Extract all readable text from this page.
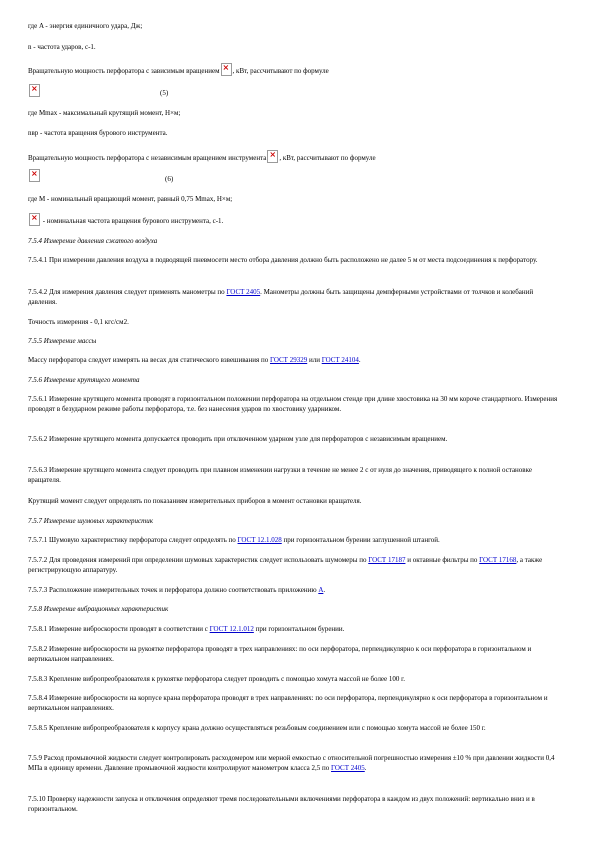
где A - энергия единичного удара, Дж;

n - частота ударов, с-1.

Вращательную мощность перфоратора с зависимым вращением × , кВт, рассчитывают по формуле

×
(5)

где Mmax - максимальный крутящий момент, Н×м;

nвр - частота вращения бурового инструмента.

Вращательную мощность перфоратора с независимым вращением инструмента × , кВт, рассчитывают по формуле

×
(6)

где M - номинальный вращающий момент, равный 0,75 Mmax, Н×м;

× - номинальная частота вращения бурового инструмента, с-1.

7.5.4 Измерение давления сжатого воздуха

7.5.4.1 При измерении давления воздуха в подводящей пневмосети место отбора давления должно быть расположено не далее 5 м от места подсоединения к перфоратору.

7.5.4.2 Для измерения давления следует применять манометры по ГОСТ 2405. Манометры должны быть защищены демпферными устройствами от толчков и колебаний давления.

Точность измерения - 0,1 кгс/см2.

7.5.5 Измерение массы

Массу перфоратора следует измерять на весах для статического взвешивания по ГОСТ 29329 или ГОСТ 24104.

7.5.6 Измерение крутящего момента

7.5.6.1 Измерение крутящего момента проводят в горизонтальном положении перфоратора на отдельном стенде при длине хвостовика на 30 мм короче стандартного. Измерения проводят в безударном режиме работы перфоратора, т.е. без нанесения ударов по хвостовику ударником.

7.5.6.2 Измерение крутящего момента допускается проводить при отключенном ударном узле для перфораторов с независимым вращением.

7.5.6.3 Измерение крутящего момента следует проводить при плавном изменении нагрузки в течение не менее 2 с от нуля до значения, приводящего к полной остановке вращателя.

Крутящий момент следует определять по показаниям измерительных приборов в момент остановки вращателя.

7.5.7 Измерение шумовых характеристик

7.5.7.1 Шумовую характеристику перфоратора следует определять по ГОСТ 12.1.028 при горизонтальном бурении заглушенной штангой.

7.5.7.2 Для проведения измерений при определении шумовых характеристик следует использовать шумомеры по ГОСТ 17187 и октавные фильтры по ГОСТ 17168, а также регистрирующую аппаратуру.

7.5.7.3 Расположение измерительных точек и перфоратора должно соответствовать приложению А.

7.5.8 Измерение вибрационных характеристик

7.5.8.1 Измерение виброскорости проводят в соответствии с ГОСТ 12.1.012 при горизонтальном бурении.

7.5.8.2 Измерение виброскорости на рукоятке перфоратора проводят в трех направлениях: по оси перфоратора, перпендикулярно к оси перфоратора в горизонтальном и вертикальном направлениях.

7.5.8.3 Крепление вибропреобразователя к рукоятке перфоратора следует проводить с помощью хомута массой не более 100 г.

7.5.8.4 Измерение виброскорости на корпусе крана перфоратора проводят в трех направлениях: по оси перфоратора, перпендикулярно к оси перфоратора в горизонтальном и вертикальном направлениях.

7.5.8.5 Крепление вибропреобразователя к корпусу крана должно осуществляться резьбовым соединением или с помощью хомута массой не более 150 г.

7.5.9 Расход промывочной жидкости следует контролировать расходомером или мерной емкостью с относительной погрешностью измерения ±10 % при давлении жидкости 0,4 МПа в единицу времени. Давление промывочной жидкости контролируют манометром класса 2,5 по ГОСТ 2405.

7.5.10 Проверку надежности запуска и отключения определяют тремя последовательными включениями перфоратора в каждом из двух положений: вертикально вниз и в горизонтальном.
